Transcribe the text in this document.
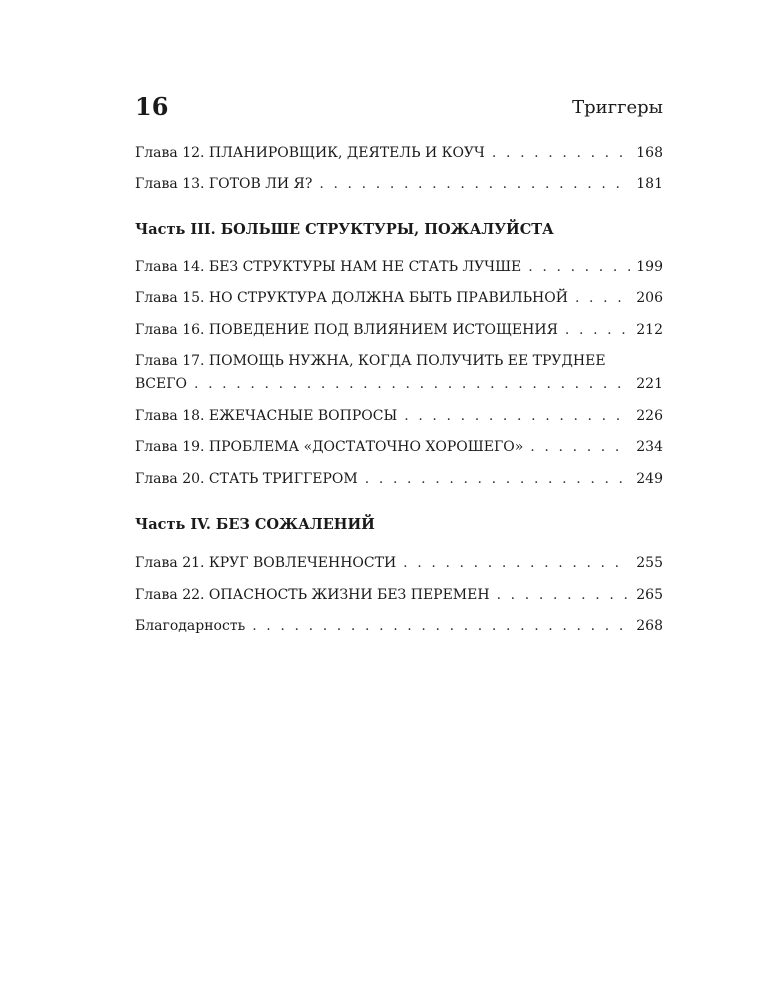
16	Триггеры
Глава 12. ПЛАНИРОВЩИК, ДЕЯТЕЛЬ И КОУЧ . . .	168
Глава 13. ГОТОВ ЛИ Я? . . .	181
Часть III. БОЛЬШЕ СТРУКТУРЫ, ПОЖАЛУЙСТА
Глава 14. БЕЗ СТРУКТУРЫ НАМ НЕ СТАТЬ ЛУЧШЕ . . .	199
Глава 15. НО СТРУКТУРА ДОЛЖНА БЫТЬ ПРАВИЛЬНОЙ . . .	206
Глава 16. ПОВЕДЕНИЕ ПОД ВЛИЯНИЕМ ИСТОЩЕНИЯ . . .	212
Глава 17. ПОМОЩЬ НУЖНА, КОГДА ПОЛУЧИТЬ ЕЕ ТРУДНЕЕ
ВСЕГО . . .	221
Глава 18. ЕЖЕЧАСНЫЕ ВОПРОСЫ . . .	226
Глава 19. ПРОБЛЕМА «ДОСТАТОЧНО ХОРОШЕГО» . . .	234
Глава 20. СТАТЬ ТРИГГЕРОМ . . .	249
Часть IV. БЕЗ СОЖАЛЕНИЙ
Глава 21. КРУГ ВОВЛЕЧЕННОСТИ . . .	255
Глава 22. ОПАСНОСТЬ ЖИЗНИ БЕЗ ПЕРЕМЕН . . .	265
Благодарность . . .	268
